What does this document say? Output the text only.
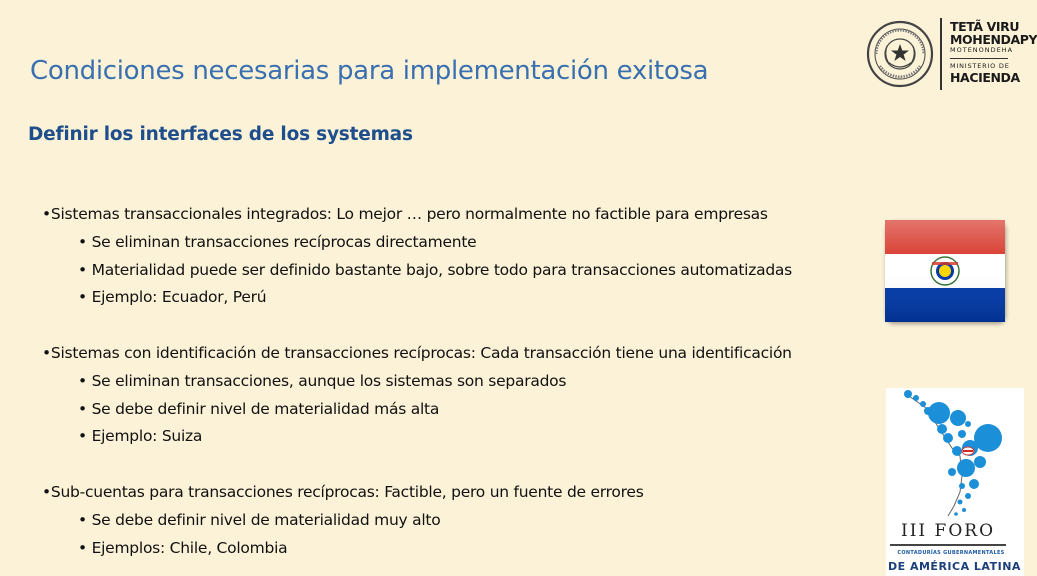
Condiciones necesarias para implementación exitosa
Definir los interfaces de los systemas
•Sistemas transaccionales integrados: Lo mejor … pero normalmente no factible para empresas
• Se eliminan transacciones recíprocas directamente
• Materialidad puede ser definido bastante bajo, sobre todo para transacciones automatizadas
• Ejemplo: Ecuador, Perú
•Sistemas con identificación de transacciones recíprocas: Cada transacción tiene una identificación
• Se eliminan transacciones, aunque los sistemas son separados
• Se debe definir nivel de materialidad más alta
• Ejemplo: Suiza
•Sub-cuentas para transacciones recíprocas: Factible, pero un fuente de errores
• Se debe definir nivel de materialidad muy alto
• Ejemplos: Chile, Colombia
TETÃ VIRU
MOHENDAPY
MOTENONDEHA
MINISTERIO DE
HACIENDA
III FORO
CONTADURÍAS GUBERNAMENTALES
DE AMÉRICA LATINA
